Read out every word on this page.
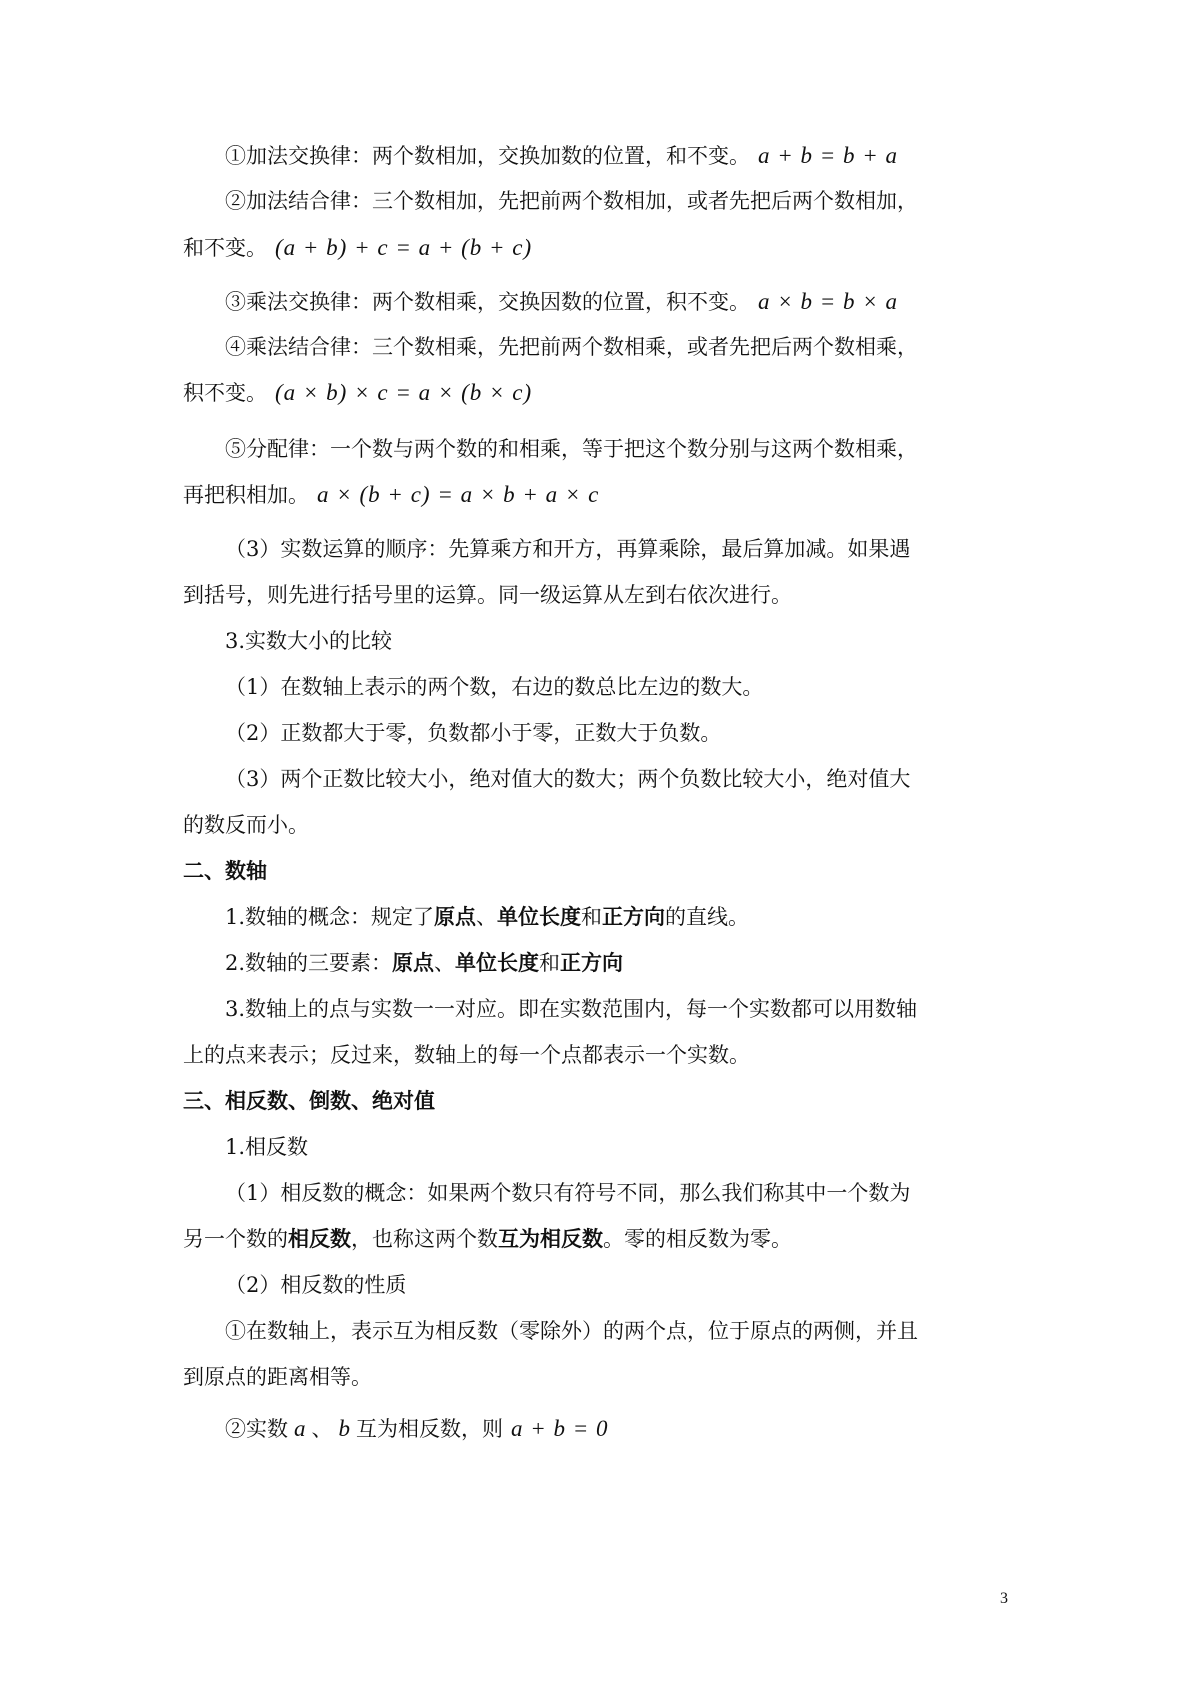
①加法交换律：两个数相加，交换加数的位置，和不变。 a + b = b + a
②加法结合律：三个数相加，先把前两个数相加，或者先把后两个数相加，
和不变。 (a + b) + c = a + (b + c)
③乘法交换律：两个数相乘，交换因数的位置，积不变。 a × b = b × a
④乘法结合律：三个数相乘，先把前两个数相乘，或者先把后两个数相乘，
积不变。 (a × b) × c = a × (b × c)
⑤分配律：一个数与两个数的和相乘，等于把这个数分别与这两个数相乘，
再把积相加。 a × (b + c) = a × b + a × c
（3）实数运算的顺序：先算乘方和开方，再算乘除，最后算加减。如果遇
到括号，则先进行括号里的运算。同一级运算从左到右依次进行。
3.实数大小的比较
（1）在数轴上表示的两个数，右边的数总比左边的数大。
（2）正数都大于零，负数都小于零，正数大于负数。
（3）两个正数比较大小，绝对值大的数大；两个负数比较大小，绝对值大
的数反而小。
二、数轴
1.数轴的概念：规定了原点、单位长度和正方向的直线。
2.数轴的三要素：原点、单位长度和正方向
3.数轴上的点与实数一一对应。即在实数范围内，每一个实数都可以用数轴
上的点来表示；反过来，数轴上的每一个点都表示一个实数。
三、相反数、倒数、绝对值
1.相反数
（1）相反数的概念：如果两个数只有符号不同，那么我们称其中一个数为
另一个数的相反数，也称这两个数互为相反数。零的相反数为零。
（2）相反数的性质
①在数轴上，表示互为相反数（零除外）的两个点，位于原点的两侧，并且
到原点的距离相等。
②实数 a 、 b 互为相反数，则 a + b = 0
3
